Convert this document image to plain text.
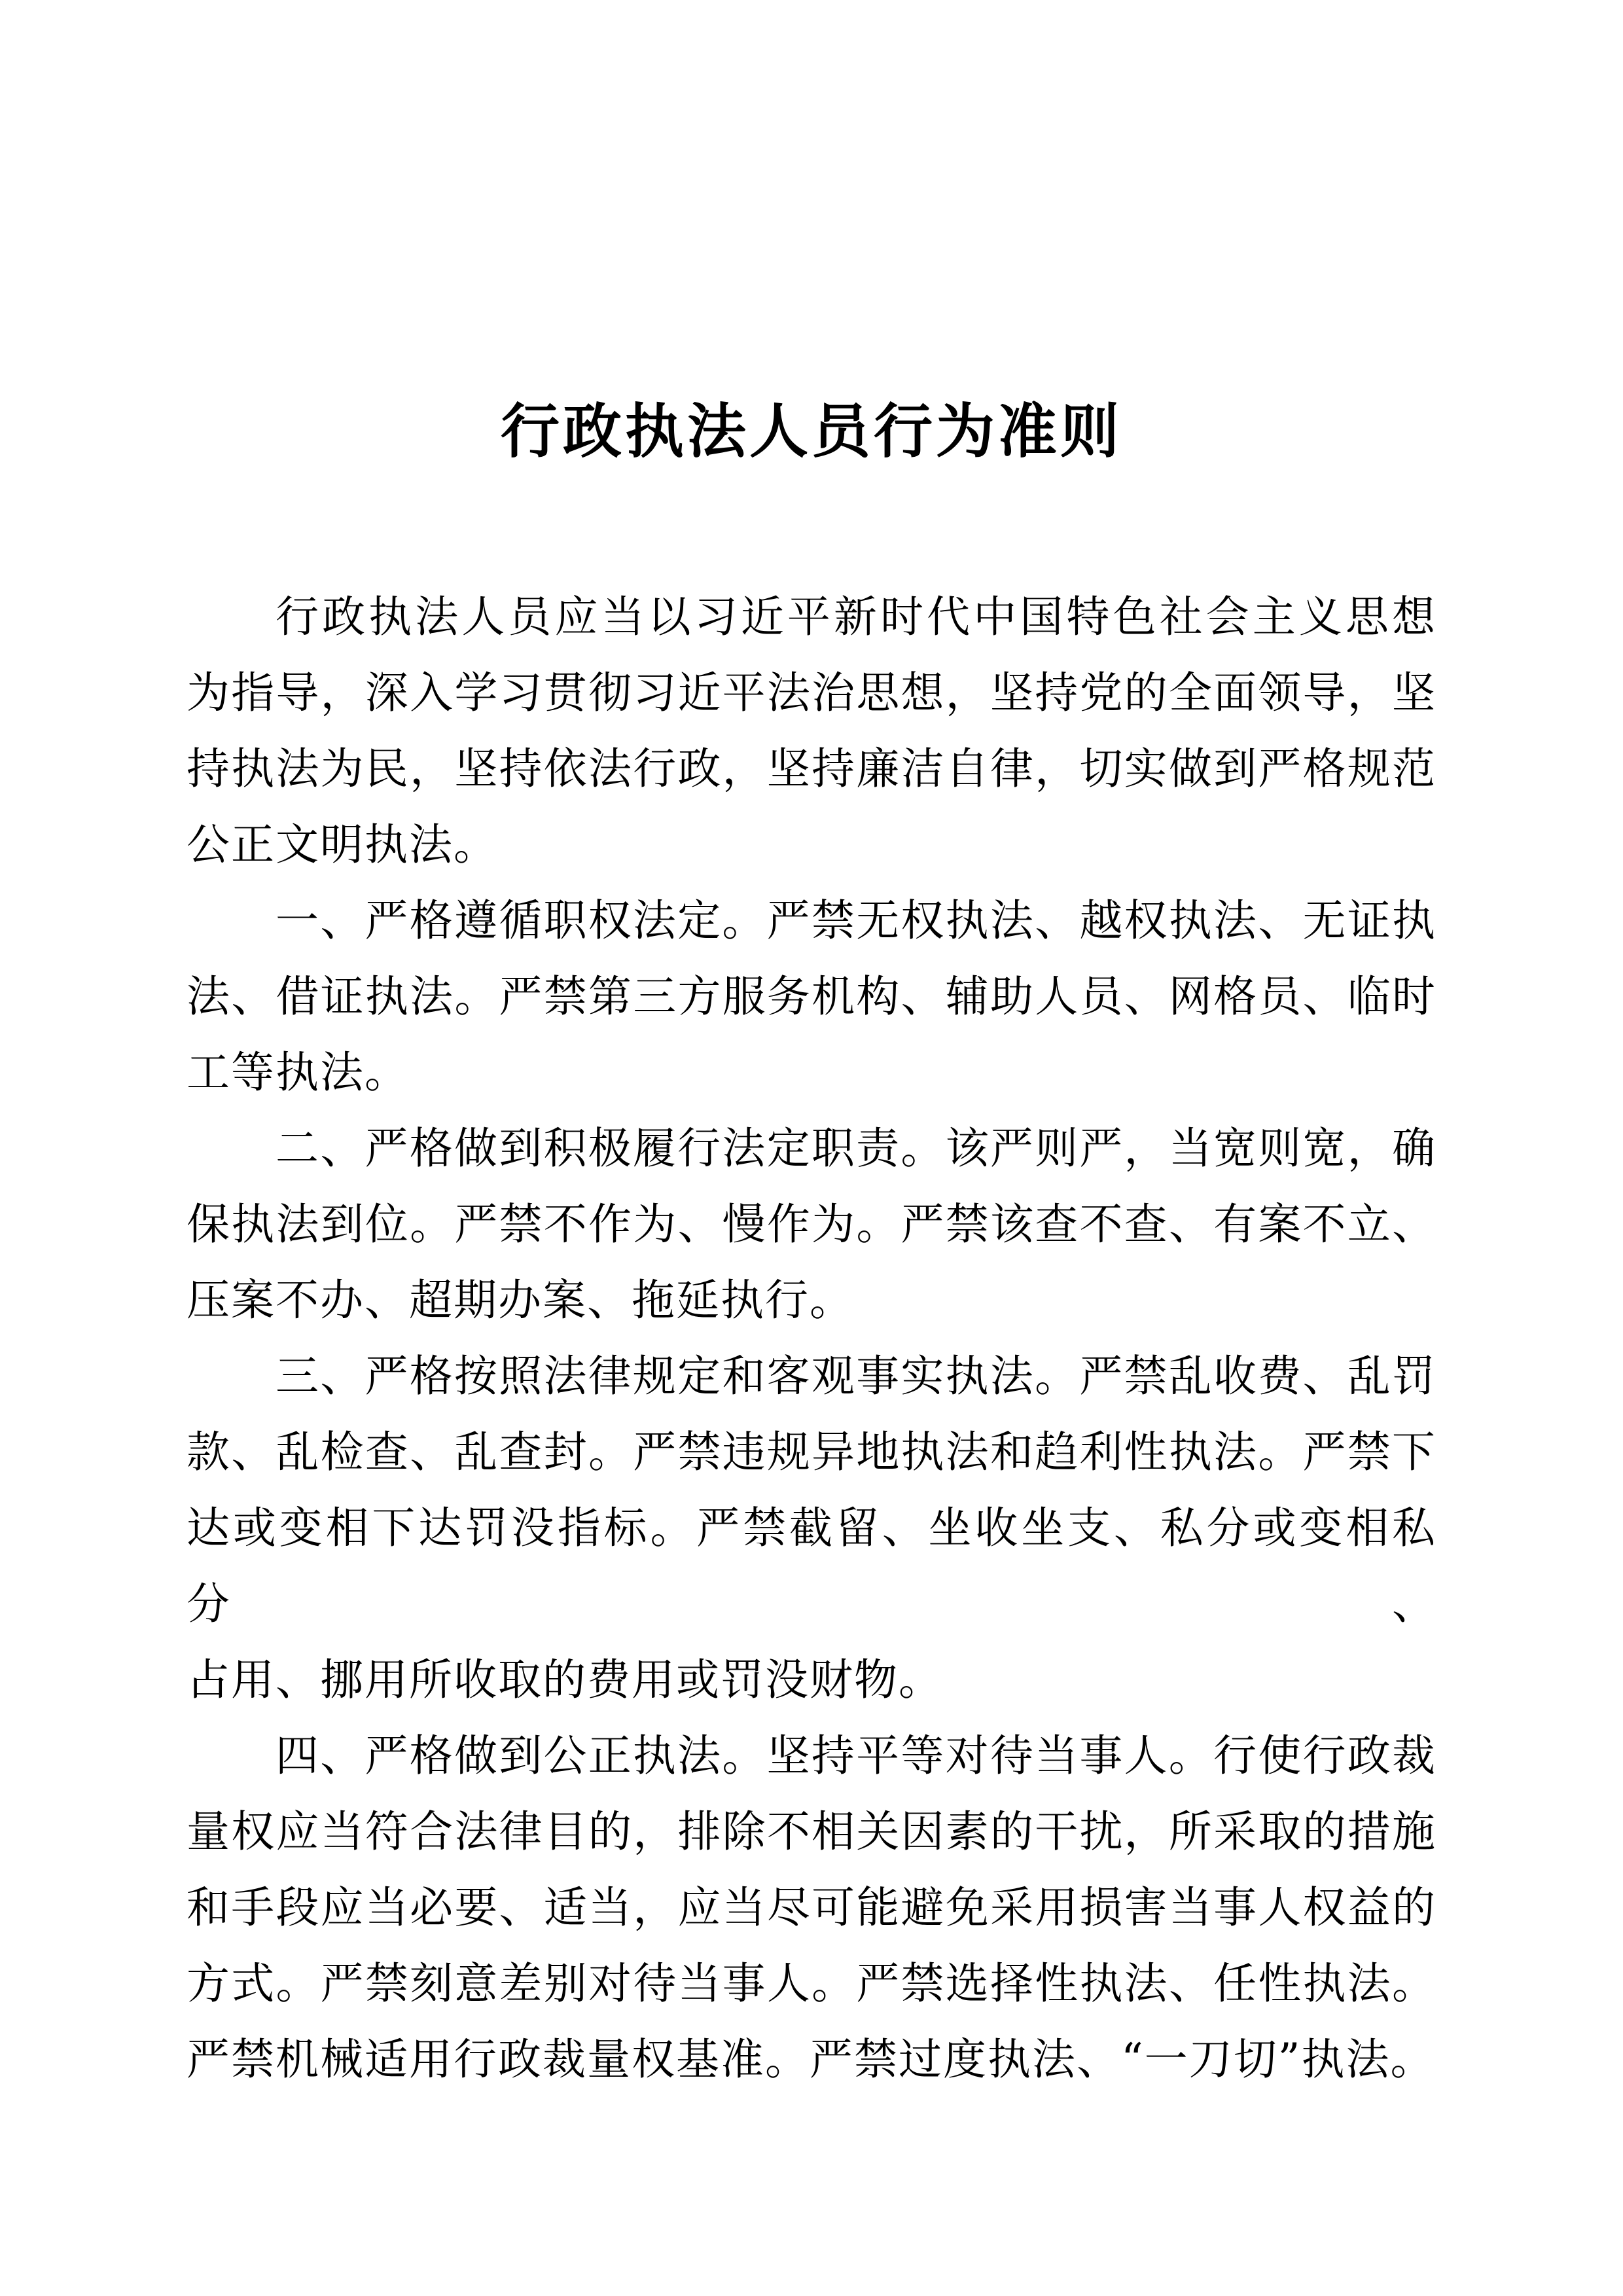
行政执法人员行为准则

行政执法人员应当以习近平新时代中国特色社会主义思想
为指导，深入学习贯彻习近平法治思想，坚持党的全面领导，坚
持执法为民，坚持依法行政，坚持廉洁自律，切实做到严格规范
公正文明执法。

一、严格遵循职权法定。严禁无权执法、越权执法、无证执
法、借证执法。严禁第三方服务机构、辅助人员、网格员、临时
工等执法。

二、严格做到积极履行法定职责。该严则严，当宽则宽，确
保执法到位。严禁不作为、慢作为。严禁该查不查、有案不立、
压案不办、超期办案、拖延执行。

三、严格按照法律规定和客观事实执法。严禁乱收费、乱罚
款、乱检查、乱查封。严禁违规异地执法和趋利性执法。严禁下
达或变相下达罚没指标。严禁截留、坐收坐支、私分或变相私分、
占用、挪用所收取的费用或罚没财物。

四、严格做到公正执法。坚持平等对待当事人。行使行政裁
量权应当符合法律目的，排除不相关因素的干扰，所采取的措施
和手段应当必要、适当，应当尽可能避免采用损害当事人权益的
方式。严禁刻意差别对待当事人。严禁选择性执法、任性执法。
严禁机械适用行政裁量权基准。严禁过度执法、“一刀切”执法。
